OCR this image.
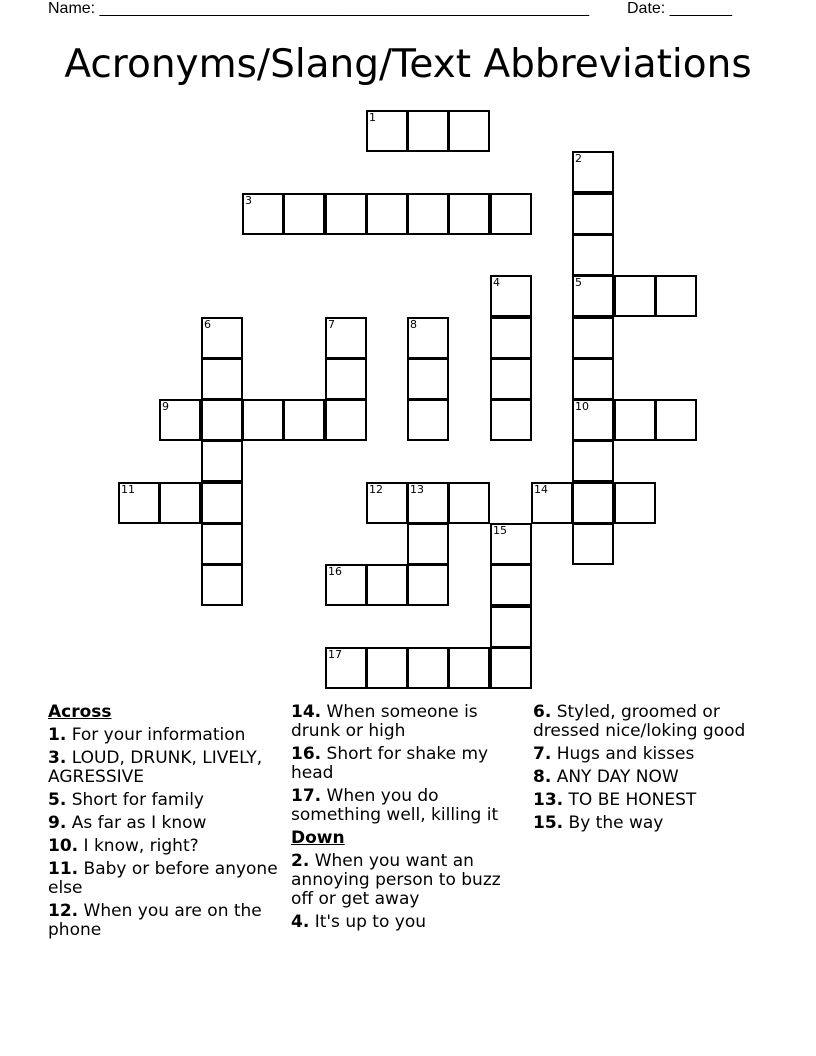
Name: _______________________________________________________ Date: _______
Acronyms/Slang/Text Abbreviations
1
2
5
10
3
4
6	7	8
9
11	12 13	14
15
16
17
Across
1. For your information
3. LOUD, DRUNK, LIVELY, AGRESSIVE
5. Short for family
9. As far as I know
10. I know, right?
11. Baby or before anyone else
12. When you are on the phone
14. When someone is drunk or high
16. Short for shake my head
17. When you do something well, killing it
Down
2. When you want an annoying person to buzz off or get away
4. It's up to you
6. Styled, groomed or dressed nice/loking good
7. Hugs and kisses
8. ANY DAY NOW
13. TO BE HONEST
15. By the way
